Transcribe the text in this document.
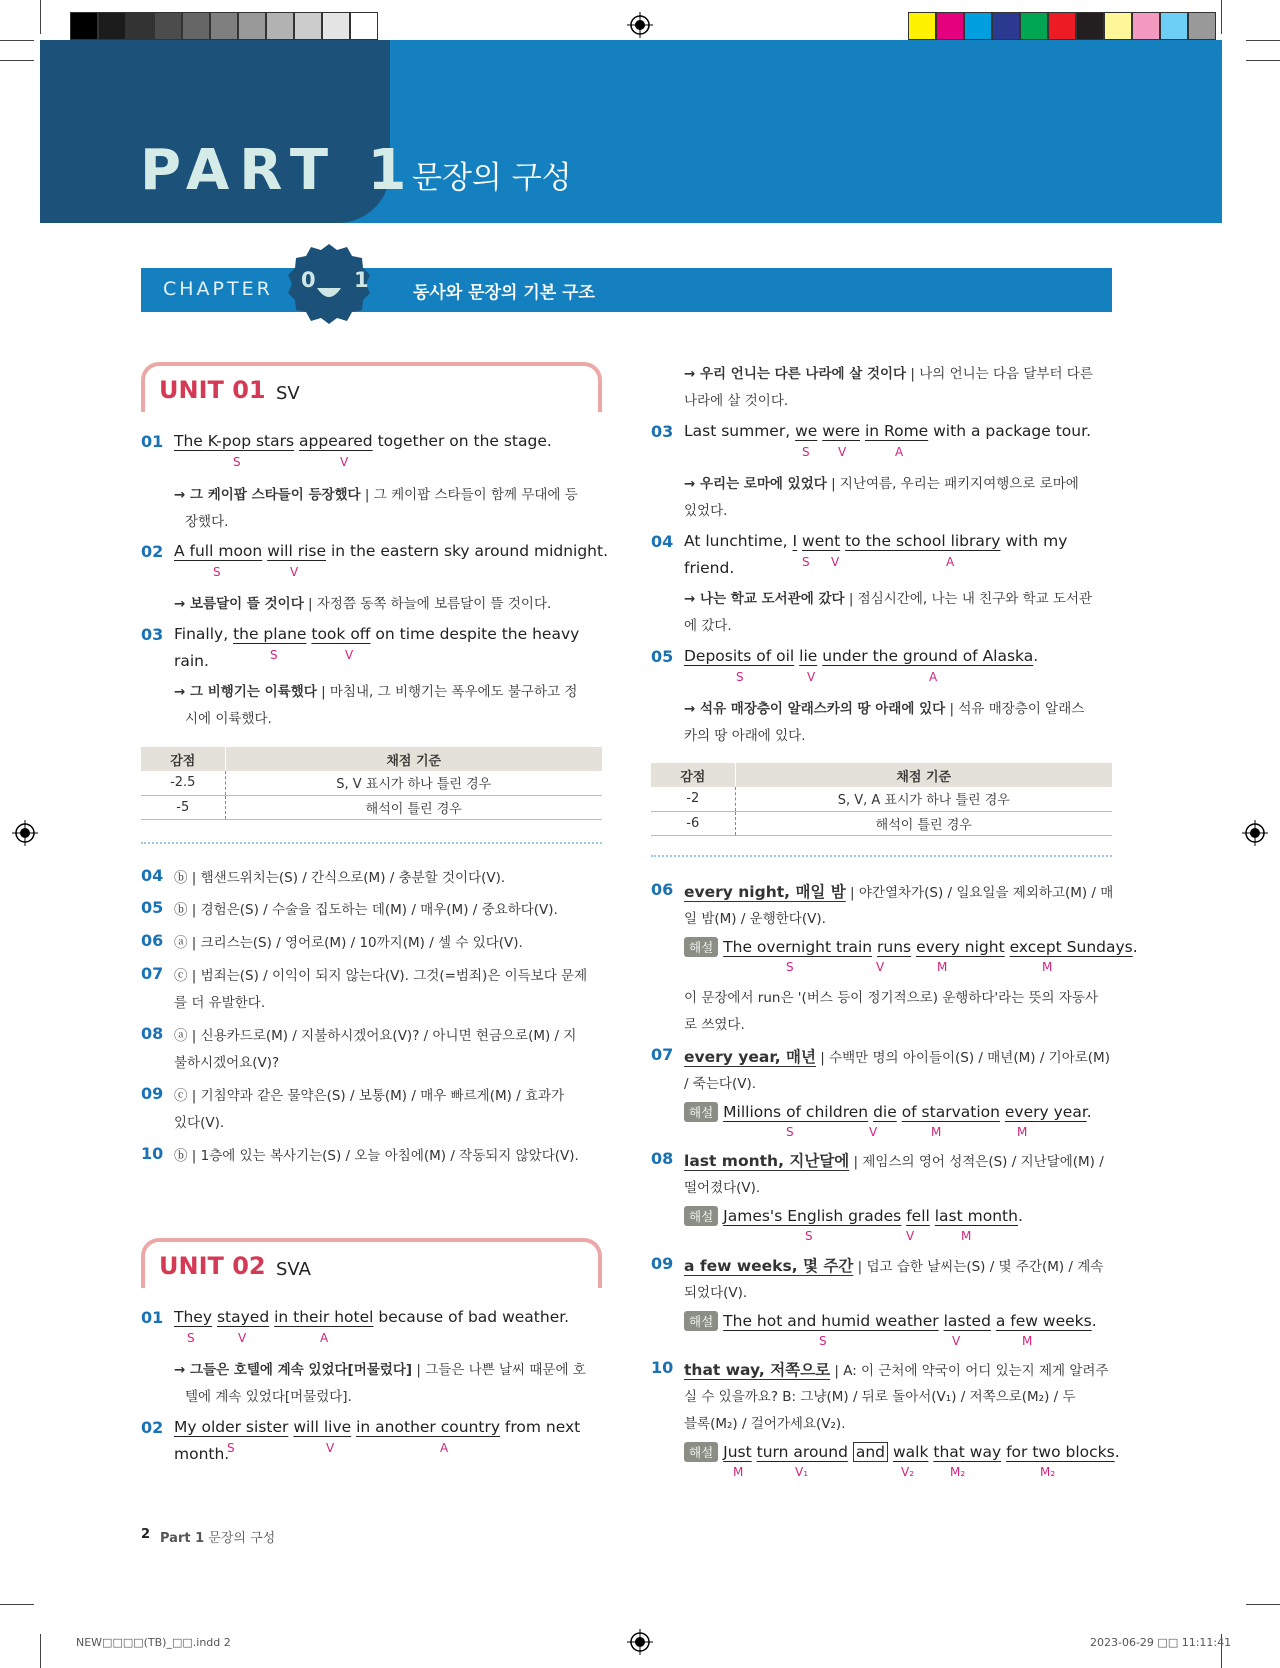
PART 1
문장의 구성
CHAPTER 0 1
동사와 문장의 기본 구조
UNIT 01 SV
01 The K-pop stars appeared together on the stage.
S	V
→ 그 케이팝 스타들이 등장했다 | 그 케이팝 스타들이 함께 무대에 등
장했다.
02 A full moon will rise in the eastern sky around midnight.
S	V
→ 보름달이 뜰 것이다 | 자정쯤 동쪽 하늘에 보름달이 뜰 것이다.
03 Finally, the plane took off on time despite the heavy
S	V
rain.
→ 그 비행기는 이륙했다 | 마침내, 그 비행기는 폭우에도 불구하고 정
시에 이륙했다.
감점	채점 기준
-2.5	S, V 표시가 하나 틀린 경우
-5	해석이 틀린 경우
04 ⓑ | 햄샌드위치는(S) / 간식으로(M) / 충분할 것이다(V).
05 ⓑ | 경험은(S) / 수술을 집도하는 데(M) / 매우(M) / 중요하다(V).
06 ⓐ | 크리스는(S) / 영어로(M) / 10까지(M) / 셀 수 있다(V).
07 ⓒ | 범죄는(S) / 이익이 되지 않는다(V). 그것(=범죄)은 이득보다 문제
를 더 유발한다.
08 ⓐ | 신용카드로(M) / 지불하시겠어요(V)? / 아니면 현금으로(M) / 지
불하시겠어요(V)?
09 ⓒ | 기침약과 같은 물약은(S) / 보통(M) / 매우 빠르게(M) / 효과가
있다(V).
10 ⓑ | 1층에 있는 복사기는(S) / 오늘 아침에(M) / 작동되지 않았다(V).
UNIT 02 SVA
01 They stayed in their hotel because of bad weather.
S	V	A
→ 그들은 호텔에 계속 있었다[머물렀다] | 그들은 나쁜 날씨 때문에 호
텔에 계속 있었다[머물렀다].
02 My older sister will live in another country from next
S	V	A
month.
→ 우리 언니는 다른 나라에 살 것이다 | 나의 언니는 다음 달부터 다른
나라에 살 것이다.
03 Last summer, we were in Rome with a package tour.
S V	A
→ 우리는 로마에 있었다 | 지난여름, 우리는 패키지여행으로 로마에
있었다.
04 At lunchtime, I went to the school library with my
S V	A
friend.
→ 나는 학교 도서관에 갔다 | 점심시간에, 나는 내 친구와 학교 도서관
에 갔다.
05 Deposits of oil lie under the ground of Alaska.
S	V	A
→ 석유 매장층이 알래스카의 땅 아래에 있다 | 석유 매장층이 알래스
카의 땅 아래에 있다.
감점	채점 기준
-2	S, V, A 표시가 하나 틀린 경우
-6	해석이 틀린 경우
06 every night, 매일 밤 | 야간열차가(S) / 일요일을 제외하고(M) / 매
일 밤(M) / 운행한다(V).
해설 The overnight train runs every night except Sundays.
S	V	M	M
이 문장에서 run은 '(버스 등이 정기적으로) 운행하다'라는 뜻의 자동사
로 쓰였다.
07 every year, 매년 | 수백만 명의 아이들이(S) / 매년(M) / 기아로(M)
/ 죽는다(V).
해설 Millions of children die of starvation every year.
S	V	M	M
08 last month, 지난달에 | 제임스의 영어 성적은(S) / 지난달에(M) /
떨어졌다(V).
해설 James's English grades fell last month.
S	V	M
09 a few weeks, 몇 주간 | 덥고 습한 날씨는(S) / 몇 주간(M) / 계속
되었다(V).
해설 The hot and humid weather lasted a few weeks.
S	V	M
10 that way, 저쪽으로 | A: 이 근처에 약국이 어디 있는지 제게 알려주
실 수 있을까요? B: 그냥(M) / 뒤로 돌아서(V₁) / 저쪽으로(M₂) / 두
블록(M₂) / 걸어가세요(V₂).
해설 Just turn around and walk that way for two blocks.
M	V₁	V₂	M₂	M₂
2 Part 1 문장의 구성
NEW□□□□(TB)_□□.indd 2	2023-06-29 □□ 11:11:41
